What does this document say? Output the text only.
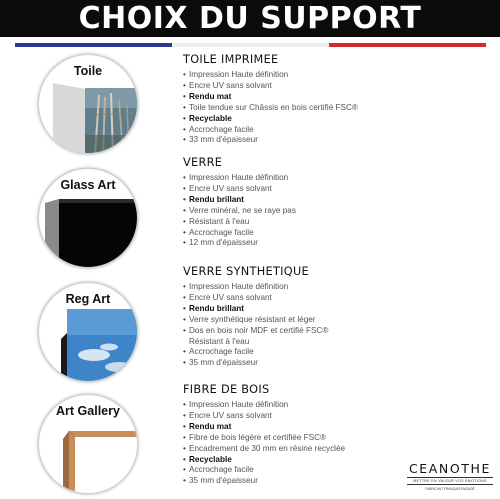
CHOIX DU SUPPORT
Toile
TOILE IMPRIMEE
• Impression Haute définition
• Encre UV sans solvant
• Rendu mat
• Toile tendue sur Châssis en bois certifié FSC®
• Recyclable
• Accrochage facile
• 33 mm d'épaisseur
Glass Art
VERRE
• Impression Haute définition
• Encre UV sans solvant
• Rendu brillant
• Verre minéral, ne se raye pas
• Résistant à l'eau
• Accrochage facile
• 12 mm d'épaisseur
Reg Art
VERRE SYNTHETIQUE
• Impression Haute définition
• Encre UV sans solvant
• Rendu brillant
• Verre synthétique résistant et léger
• Dos en bois noir MDF et certifié FSC®
Résistant à l'eau
• Accrochage facile
• 35 mm d'épaisseur
Art Gallery
FIBRE DE BOIS
• Impression Haute définition
• Encre UV sans solvant
• Rendu mat
• Fibre de bois légère et certifiée FSC®
• Encadrement de 30 mm en résine recyclée
• Recyclable
• Accrochage facile
• 35 mm d'épaisseur
CEANOTHE
METTRE EN VALEUR VOS ÉMOTIONS
FABRICANT FRANÇAIS ENGAGÉ
